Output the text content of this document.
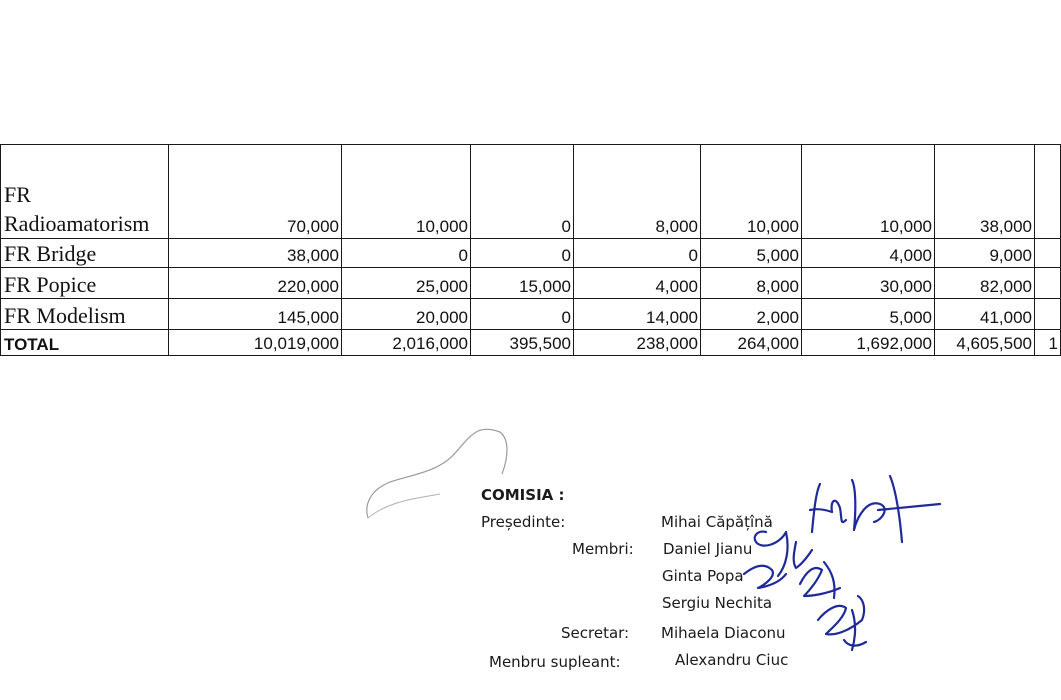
FR Radioamatorism	70,000	10,000	0	8,000	10,000	10,000	38,000	
FR Bridge	38,000	0	0	0	5,000	4,000	9,000	
FR Popice	220,000	25,000	15,000	4,000	8,000	30,000	82,000	
FR Modelism	145,000	20,000	0	14,000	2,000	5,000	41,000	
TOTAL	10,019,000	2,016,000	395,500	238,000	264,000	1,692,000	4,605,500	1
COMISIA :
Președinte:	Mihai Căpățînă
Membri: Daniel Jianu
Ginta Popa
Sergiu Nechita
Secretar: Mihaela Diaconu
Menbru supleant:	Alexandru Ciuc
